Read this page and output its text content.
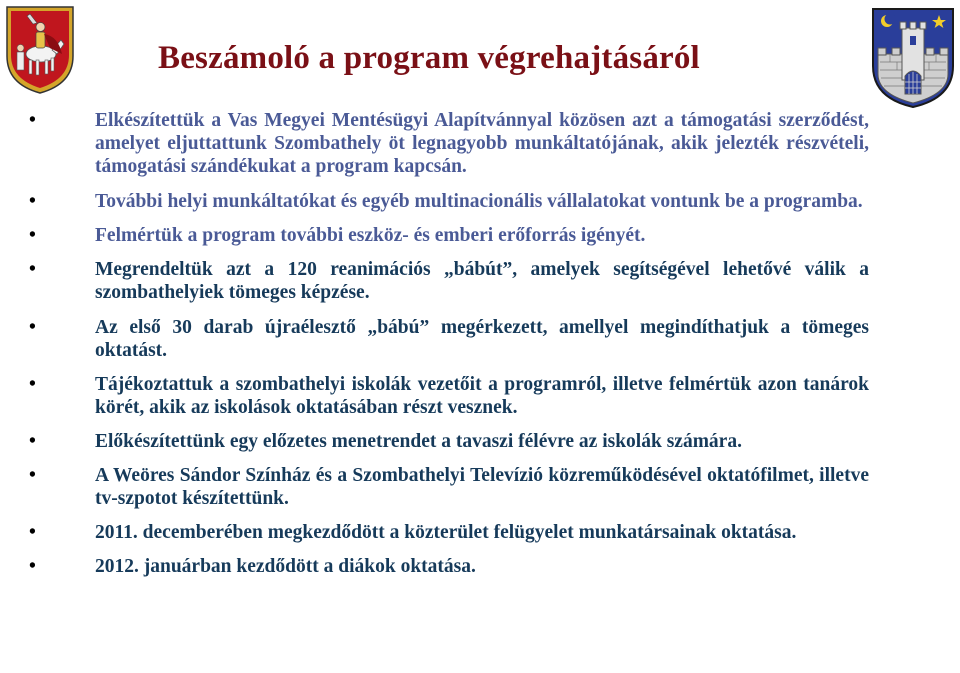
Beszámoló a program végrehajtásáról
• Elkészítettük a Vas Megyei Mentésügyi Alapítvánnyal közösen azt a támogatási szerződést, amelyet eljuttattunk Szombathely öt legnagyobb munkáltatójának, akik jelezték részvételi, támogatási szándékukat a program kapcsán.
• További helyi munkáltatókat és egyéb multinacionális vállalatokat vontunk be a programba.
• Felmértük a program további eszköz- és emberi erőforrás igényét.
• Megrendeltük azt a 120 reanimációs „bábút”, amelyek segítségével lehetővé válik a szombathelyiek tömeges képzése.
• Az első 30 darab újraélesztő „bábú” megérkezett, amellyel megindíthatjuk a tömeges oktatást.
• Tájékoztattuk a szombathelyi iskolák vezetőit a programról, illetve felmértük azon tanárok körét, akik az iskolások oktatásában részt vesznek.
• Előkészítettünk egy előzetes menetrendet a tavaszi félévre az iskolák számára.
• A Weöres Sándor Színház és a Szombathelyi Televízió közreműködésével oktatófilmet, illetve tv-szpotot készítettünk.
• 2011. decemberében megkezdődött a közterület felügyelet munkatársainak oktatása.
• 2012. januárban kezdődött a diákok oktatása.
